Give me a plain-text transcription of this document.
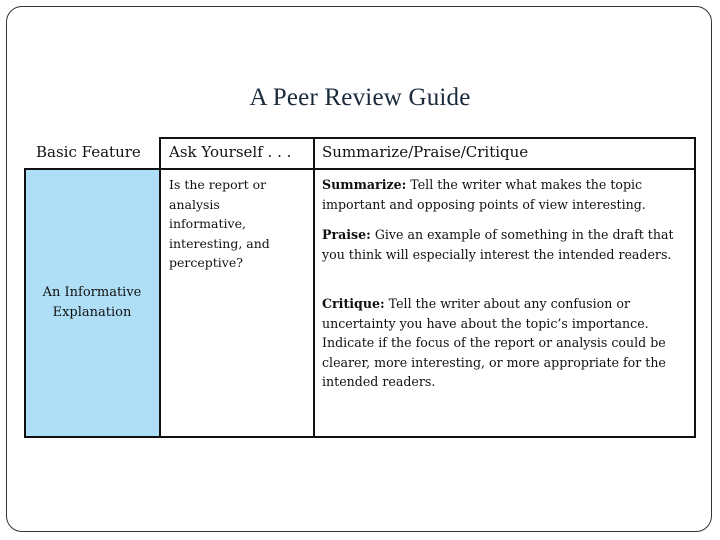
A Peer Review Guide
Basic Feature Ask Yourself . . . Summarize/Praise/Critique
An Informative Explanation
Is the report or analysis informative, interesting, and perceptive?
Summarize: Tell the writer what makes the topic important and opposing points of view interesting.
Praise: Give an example of something in the draft that you think will especially interest the intended readers.
Critique: Tell the writer about any confusion or uncertainty you have about the topic’s importance. Indicate if the focus of the report or analysis could be clearer, more interesting, or more appropriate for the intended readers.
